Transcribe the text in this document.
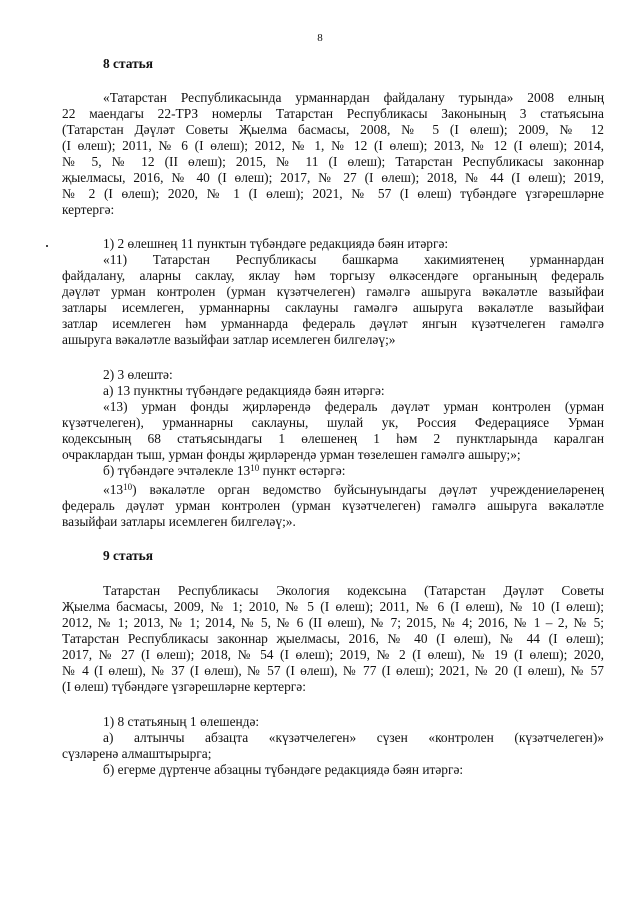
8
8 статья
«Татарстан Республикасында урманнардан файдалану турында» 2008 елның
22 маендагы 22-ТРЗ номерлы Татарстан Республикасы Законының 3 статьясына
(Татарстан Дәүләт Советы Җыелма басмасы, 2008, № 5 (I өлеш); 2009, № 12
(I өлеш); 2011, № 6 (I өлеш); 2012, № 1, № 12 (I өлеш); 2013, № 12 (I өлеш); 2014,
№ 5, № 12 (II өлеш); 2015, № 11 (I өлеш); Татарстан Республикасы законнар
җыелмасы, 2016, № 40 (I өлеш); 2017, № 27 (I өлеш); 2018, № 44 (I өлеш); 2019,
№ 2 (I өлеш); 2020, № 1 (I өлеш); 2021, № 57 (I өлеш) түбәндәге үзгәрешләрне
кертергә:
1) 2 өлешнең 11 пунктын түбәндәге редакциядә бәян итәргә:
«11) Татарстан Республикасы башкарма хакимиятенең урманнардан
файдалану, аларны саклау, яклау һәм торгызу өлкәсендәге органының федераль
дәүләт урман контролен (урман күзәтчелеген) гамәлгә ашыруга вәкаләтле вазыйфаи
затлары исемлеген, урманнарны саклауны гамәлгә ашыруга вәкаләтле вазыйфаи
затлар исемлеген һәм урманнарда федераль дәүләт янгын күзәтчелеген гамәлгә
ашыруга вәкаләтле вазыйфаи затлар исемлеген билгеләү;»
2) 3 өлештә:
а) 13 пунктны түбәндәге редакциядә бәян итәргә:
«13) урман фонды җирләрендә федераль дәүләт урман контролен (урман
күзәтчелеген), урманнарны саклауны, шулай ук, Россия Федерациясе Урман
кодексының 68 статьясындагы 1 өлешенең 1 һәм 2 пунктларында каралган
очраклардан тыш, урман фонды җирләрендә урман төзелешен гамәлгә ашыру;»;
б) түбәндәге эчтәлекле $13^{10}$ пункт өстәргә:
«$13^{10}$) вәкаләтле орган ведомство буйсынуындагы дәүләт учреждениеләренең
федераль дәүләт урман контролен (урман күзәтчелеген) гамәлгә ашыруга вәкаләтле
вазыйфаи затлары исемлеген билгеләү;».
9 статья
Татарстан Республикасы Экология кодексына (Татарстан Дәүләт Советы
Җыелма басмасы, 2009, № 1; 2010, № 5 (I өлеш); 2011, № 6 (I өлеш), № 10 (I өлеш);
2012, № 1; 2013, № 1; 2014, № 5, № 6 (II өлеш), № 7; 2015, № 4; 2016, № 1 – 2, № 5;
Татарстан Республикасы законнар җыелмасы, 2016, № 40 (I өлеш), № 44 (I өлеш);
2017, № 27 (I өлеш); 2018, № 54 (I өлеш); 2019, № 2 (I өлеш), № 19 (I өлеш); 2020,
№ 4 (I өлеш), № 37 (I өлеш), № 57 (I өлеш), № 77 (I өлеш); 2021, № 20 (I өлеш), № 57
(I өлеш) түбәндәге үзгәрешләрне кертергә:
1) 8 статьяның 1 өлешендә:
а) алтынчы абзацта «күзәтчелеген» сүзен «контролен (күзәтчелеген)»
сүзләренә алмаштырырга;
б) егерме дүртенче абзацны түбәндәге редакциядә бәян итәргә:
